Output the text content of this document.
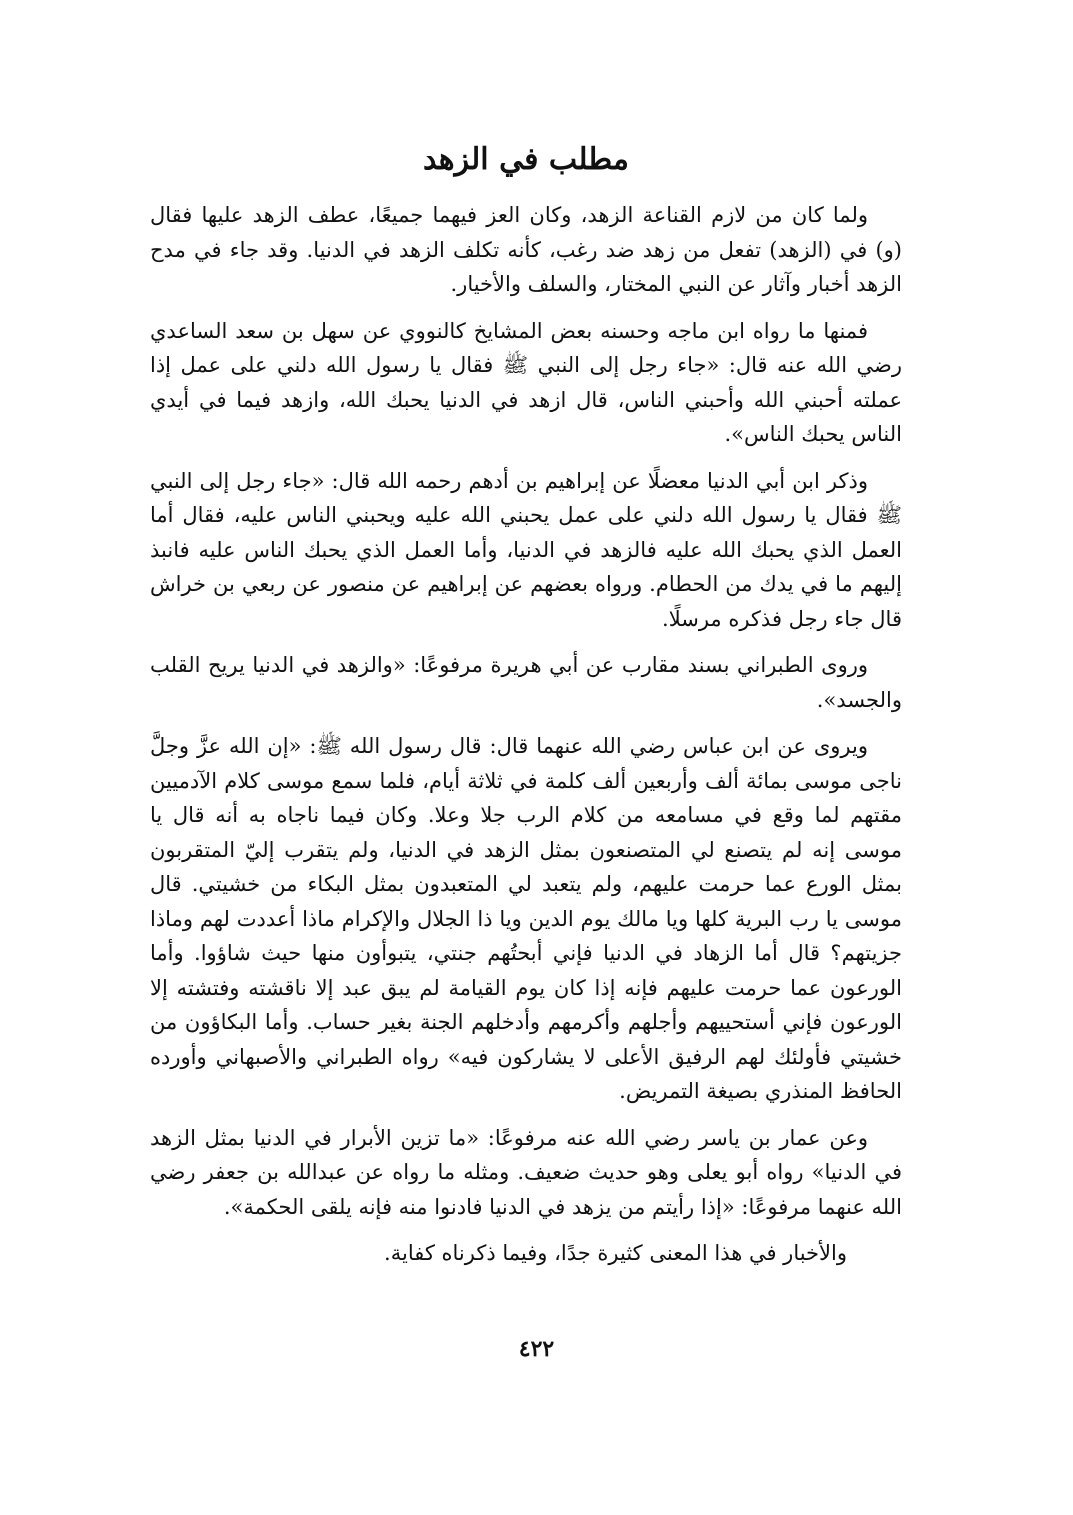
مطلب في الزهد

ولما كان من لازم القناعة الزهد، وكان العز فيهما جميعًا، عطف الزهد عليها فقال (و) في (الزهد) تفعل من زهد ضد رغب، كأنه تكلف الزهد في الدنيا. وقد جاء في مدح الزهد أخبار وآثار عن النبي المختار، والسلف والأخيار.

فمنها ما رواه ابن ماجه وحسنه بعض المشايخ كالنووي عن سهل بن سعد الساعدي رضي الله عنه قال: «جاء رجل إلى النبي ﷺ فقال يا رسول الله دلني على عمل إذا عملته أحبني الله وأحبني الناس، قال ازهد في الدنيا يحبك الله، وازهد فيما في أيدي الناس يحبك الناس».

وذكر ابن أبي الدنيا معضلًا عن إبراهيم بن أدهم رحمه الله قال: «جاء رجل إلى النبي ﷺ فقال يا رسول الله دلني على عمل يحبني الله عليه ويحبني الناس عليه، فقال أما العمل الذي يحبك الله عليه فالزهد في الدنيا، وأما العمل الذي يحبك الناس عليه فانبذ إليهم ما في يدك من الحطام. ورواه بعضهم عن إبراهيم عن منصور عن ربعي بن خراش قال جاء رجل فذكره مرسلًا.

وروى الطبراني بسند مقارب عن أبي هريرة مرفوعًا: «والزهد في الدنيا يريح القلب والجسد».

ويروى عن ابن عباس رضي الله عنهما قال: قال رسول الله ﷺ: «إن الله عزَّ وجلَّ ناجى موسى بمائة ألف وأربعين ألف كلمة في ثلاثة أيام، فلما سمع موسى كلام الآدميين مقتهم لما وقع في مسامعه من كلام الرب جلا وعلا. وكان فيما ناجاه به أنه قال يا موسى إنه لم يتصنع لي المتصنعون بمثل الزهد في الدنيا، ولم يتقرب إليّ المتقربون بمثل الورع عما حرمت عليهم، ولم يتعبد لي المتعبدون بمثل البكاء من خشيتي. قال موسى يا رب البرية كلها ويا مالك يوم الدين ويا ذا الجلال والإكرام ماذا أعددت لهم وماذا جزيتهم؟ قال أما الزهاد في الدنيا فإني أبحتُهم جنتي، يتبوأون منها حيث شاؤوا. وأما الورعون عما حرمت عليهم فإنه إذا كان يوم القيامة لم يبق عبد إلا ناقشته وفتشته إلا الورعون فإني أستحييهم وأجلهم وأكرمهم وأدخلهم الجنة بغير حساب. وأما البكاؤون من خشيتي فأولئك لهم الرفيق الأعلى لا يشاركون فيه» رواه الطبراني والأصبهاني وأورده الحافظ المنذري بصيغة التمريض.

وعن عمار بن ياسر رضي الله عنه مرفوعًا: «ما تزين الأبرار في الدنيا بمثل الزهد في الدنيا» رواه أبو يعلى وهو حديث ضعيف. ومثله ما رواه عن عبدالله بن جعفر رضي الله عنهما مرفوعًا: «إذا رأيتم من يزهد في الدنيا فادنوا منه فإنه يلقى الحكمة».

والأخبار في هذا المعنى كثيرة جدًا، وفيما ذكرناه كفاية.

٤٢٢
